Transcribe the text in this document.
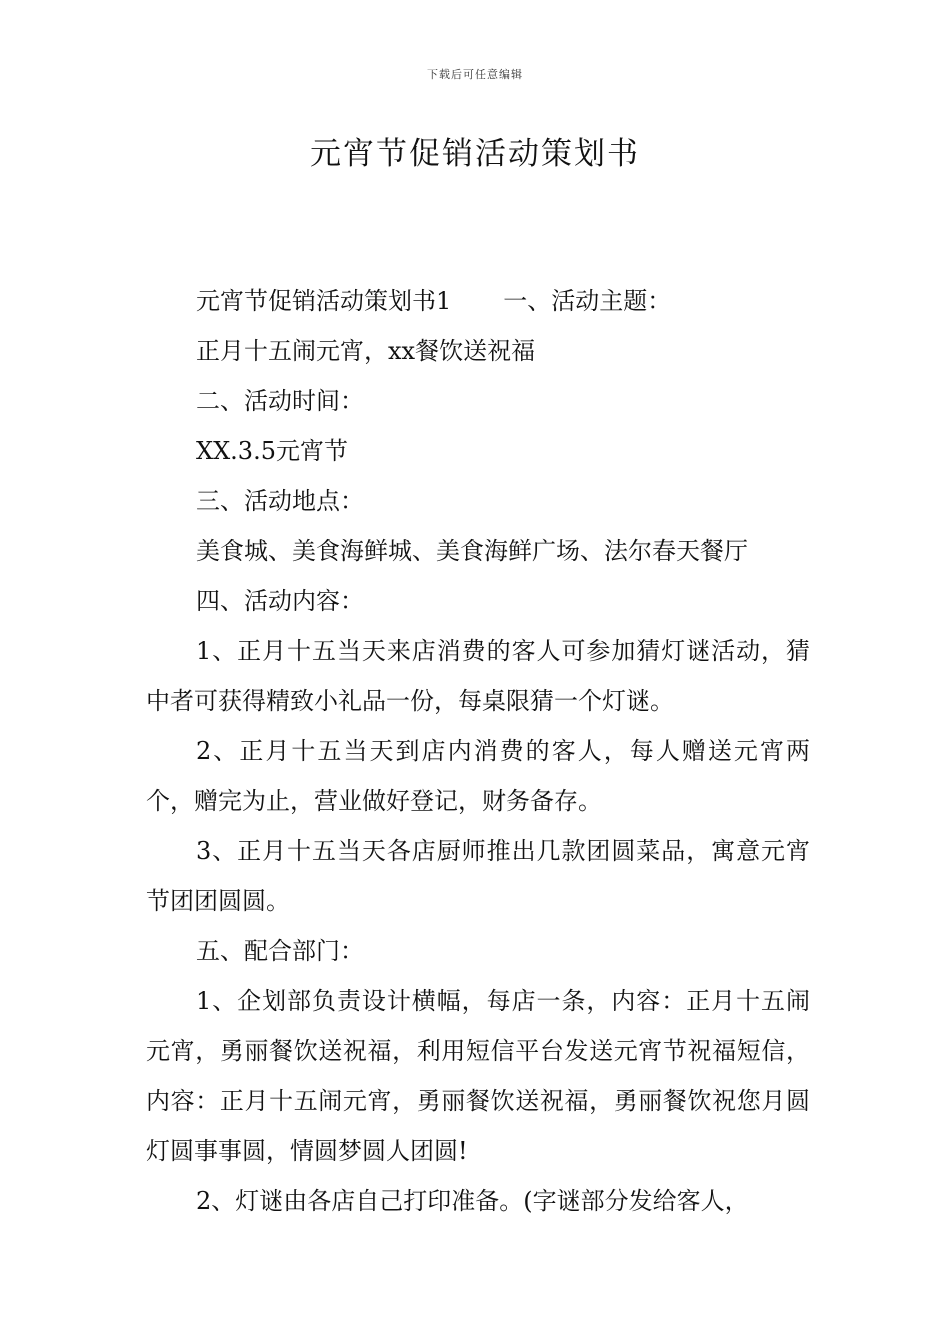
下载后可任意编辑
元宵节促销活动策划书

元宵节促销活动策划书1 一、活动主题：

正月十五闹元宵，xx餐饮送祝福

二、活动时间：

XX.3.5元宵节

三、活动地点：

美食城、美食海鲜城、美食海鲜广场、法尔春天餐厅

四、活动内容：

1、正月十五当天来店消费的客人可参加猜灯谜活动，猜中者可获得精致小礼品一份，每桌限猜一个灯谜。

2、正月十五当天到店内消费的客人，每人赠送元宵两个，赠完为止，营业做好登记，财务备存。

3、正月十五当天各店厨师推出几款团圆菜品，寓意元宵节团团圆圆。

五、配合部门：

1、企划部负责设计横幅，每店一条，内容：正月十五闹元宵，勇丽餐饮送祝福，利用短信平台发送元宵节祝福短信，内容：正月十五闹元宵，勇丽餐饮送祝福，勇丽餐饮祝您月圆灯圆事事圆，情圆梦圆人团圆!

2、灯谜由各店自己打印准备。(字谜部分发给客人，
